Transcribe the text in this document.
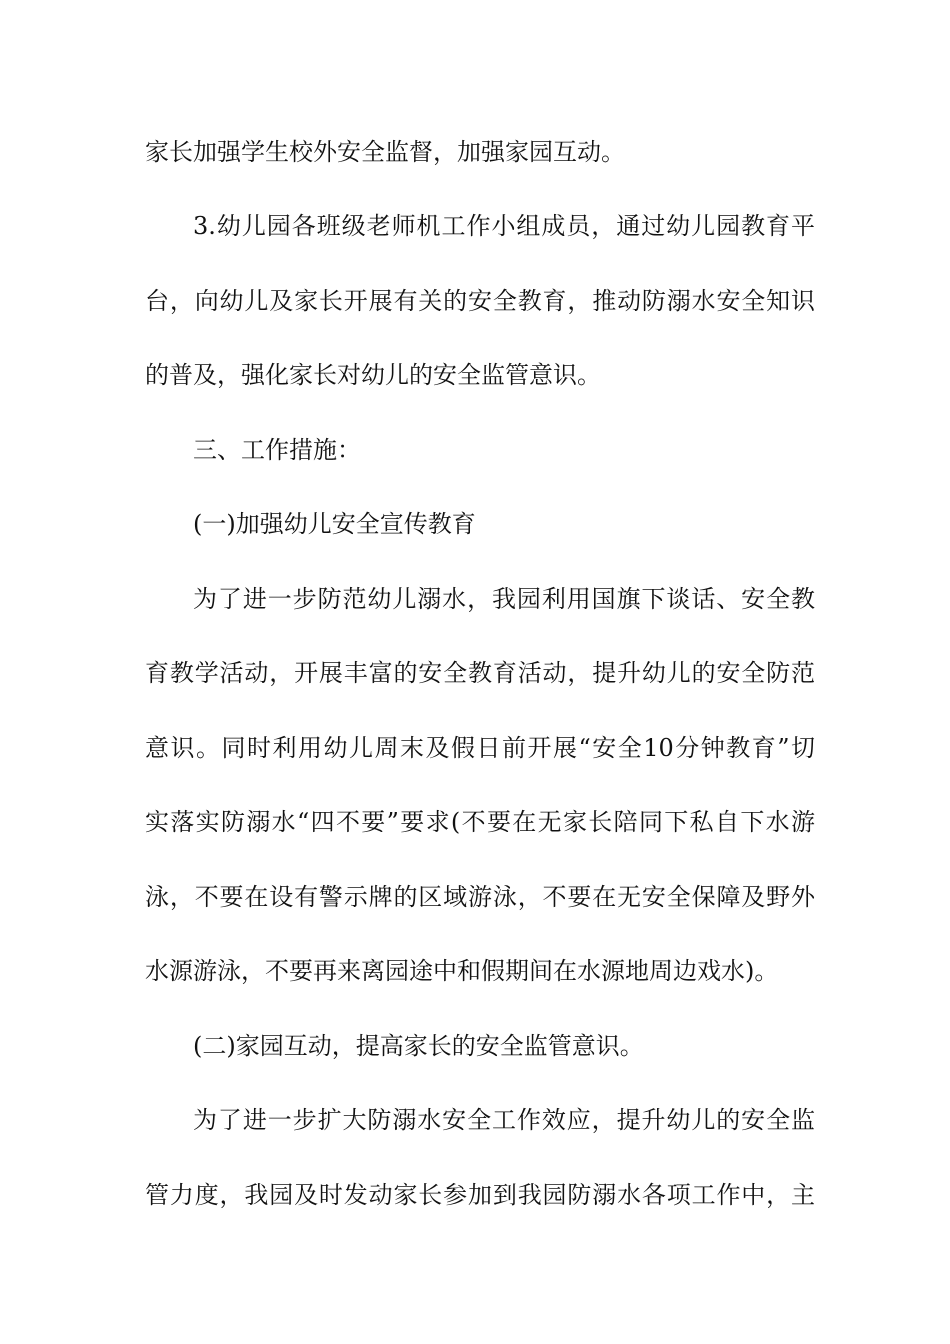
家长加强学生校外安全监督，加强家园互动。

3.幼儿园各班级老师机工作小组成员，通过幼儿园教育平

台，向幼儿及家长开展有关的安全教育，推动防溺水安全知识

的普及，强化家长对幼儿的安全监管意识。

三、工作措施：

(一)加强幼儿安全宣传教育

为了进一步防范幼儿溺水，我园利用国旗下谈话、安全教

育教学活动，开展丰富的安全教育活动，提升幼儿的安全防范

意识。同时利用幼儿周末及假日前开展“安全10分钟教育”切

实落实防溺水“四不要”要求(不要在无家长陪同下私自下水游

泳，不要在设有警示牌的区域游泳，不要在无安全保障及野外

水源游泳，不要再来离园途中和假期间在水源地周边戏水)。

(二)家园互动，提高家长的安全监管意识。

为了进一步扩大防溺水安全工作效应，提升幼儿的安全监

管力度，我园及时发动家长参加到我园防溺水各项工作中，主
